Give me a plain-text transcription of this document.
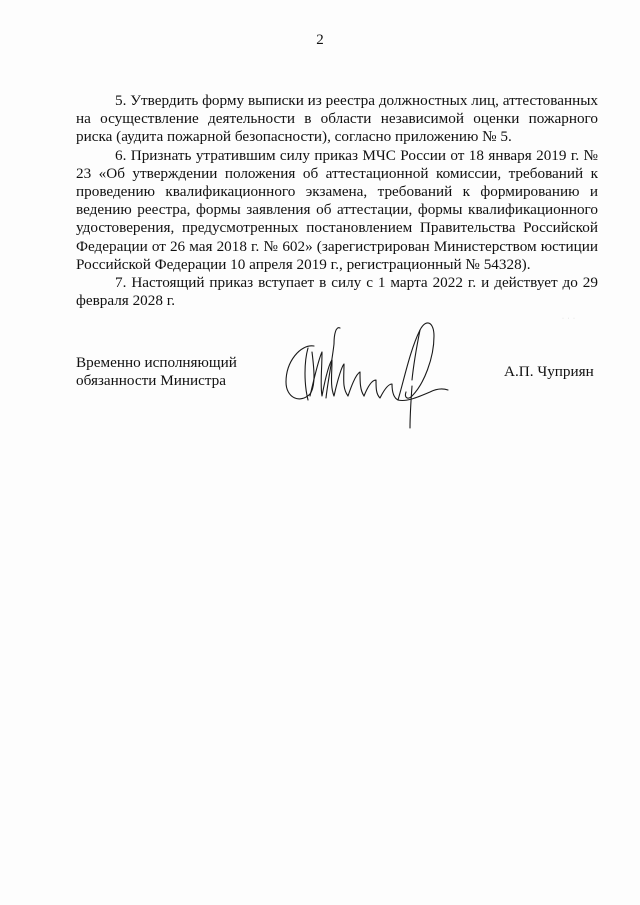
2

5. Утвердить форму выписки из реестра должностных лиц, аттестованных на осуществление деятельности в области независимой оценки пожарного риска (аудита пожарной безопасности), согласно приложению № 5.

6. Признать утратившим силу приказ МЧС России от 18 января 2019 г. № 23 «Об утверждении положения об аттестационной комиссии, требований к проведению квалификационного экзамена, требований к формированию и ведению реестра, формы заявления об аттестации, формы квалификационного удостоверения, предусмотренных постановлением Правительства Российской Федерации от 26 мая 2018 г. № 602» (зарегистрирован Министерством юстиции Российской Федерации 10 апреля 2019 г., регистрационный № 54328).

7. Настоящий приказ вступает в силу с 1 марта 2022 г. и действует до 29 февраля 2028 г.

Временно исполняющий
обязанности Министра
А.П. Чуприян
· · ·
